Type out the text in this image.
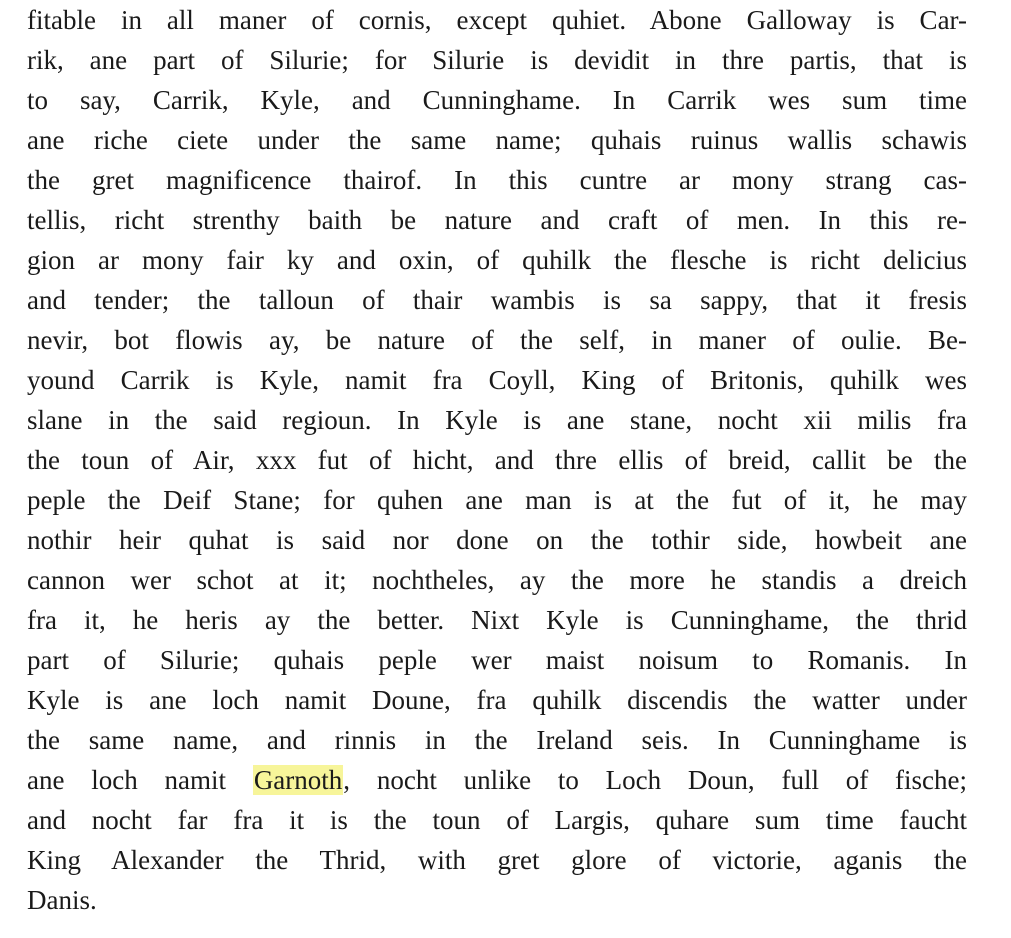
fitable in all maner of cornis, except quhiet. Abone Galloway is Car-
rik, ane part of Silurie; for Silurie is devidit in thre partis, that is
to say, Carrik, Kyle, and Cunninghame. In Carrik wes sum time
ane riche ciete under the same name; quhais ruinus wallis schawis
the gret magnificence thairof. In this cuntre ar mony strang cas-
tellis, richt strenthy baith be nature and craft of men. In this re-
gion ar mony fair ky and oxin, of quhilk the flesche is richt delicius
and tender; the talloun of thair wambis is sa sappy, that it fresis
nevir, bot flowis ay, be nature of the self, in maner of oulie. Be-
yound Carrik is Kyle, namit fra Coyll, King of Britonis, quhilk wes
slane in the said regioun. In Kyle is ane stane, nocht xii milis fra
the toun of Air, xxx fut of hicht, and thre ellis of breid, callit be the
peple the Deif Stane; for quhen ane man is at the fut of it, he may
nothir heir quhat is said nor done on the tothir side, howbeit ane
cannon wer schot at it; nochtheles, ay the more he standis a dreich
fra it, he heris ay the better. Nixt Kyle is Cunninghame, the thrid
part of Silurie; quhais peple wer maist noisum to Romanis. In
Kyle is ane loch namit Doune, fra quhilk discendis the watter under
the same name, and rinnis in the Ireland seis. In Cunninghame is
ane loch namit Garnoth, nocht unlike to Loch Doun, full of fische;
and nocht far fra it is the toun of Largis, quhare sum time faucht
King Alexander the Thrid, with gret glore of victorie, aganis the
Danis.
